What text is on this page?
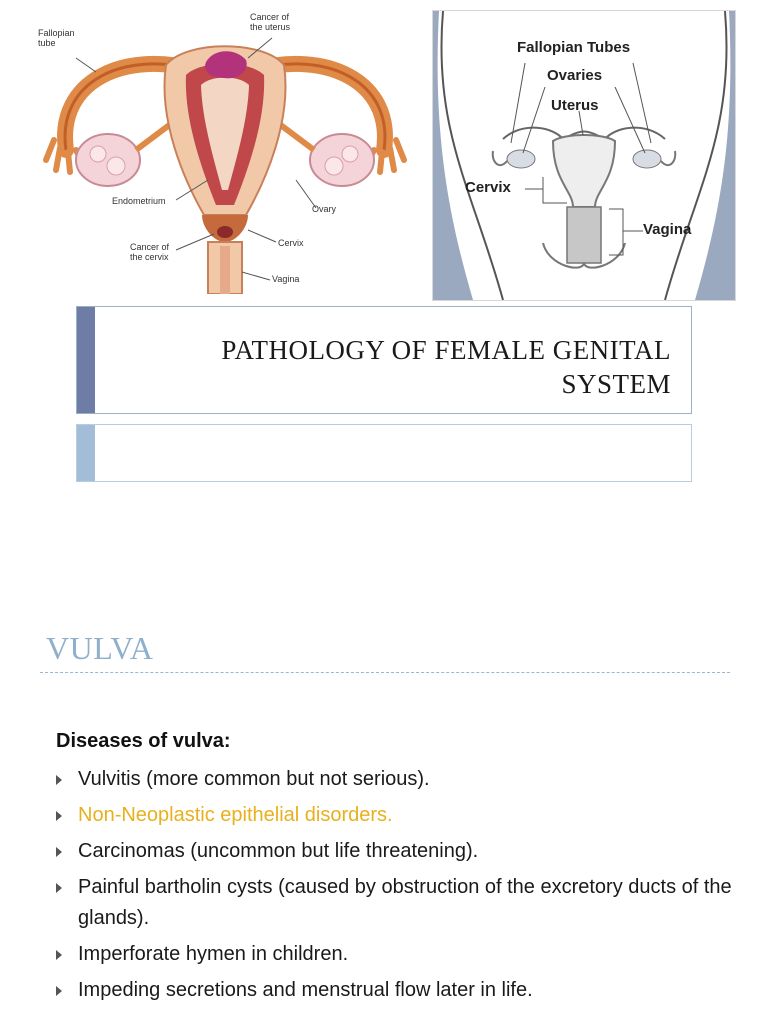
Fallopian
tube
Cancer of
the uterus
Endometrium
Ovary
Cancer of
the cervix
Cervix
Vagina
Fallopian Tubes
Ovaries
Uterus
Cervix
Vagina
PATHOLOGY OF FEMALE GENITAL SYSTEM
VULVA
Diseases of vulva:
Vulvitis (more common but not serious).
Non-Neoplastic epithelial disorders.
Carcinomas (uncommon but life threatening).
Painful bartholin cysts (caused by obstruction of the excretory ducts of the glands).
Imperforate hymen in children.
Impeding secretions and menstrual flow later in life.
